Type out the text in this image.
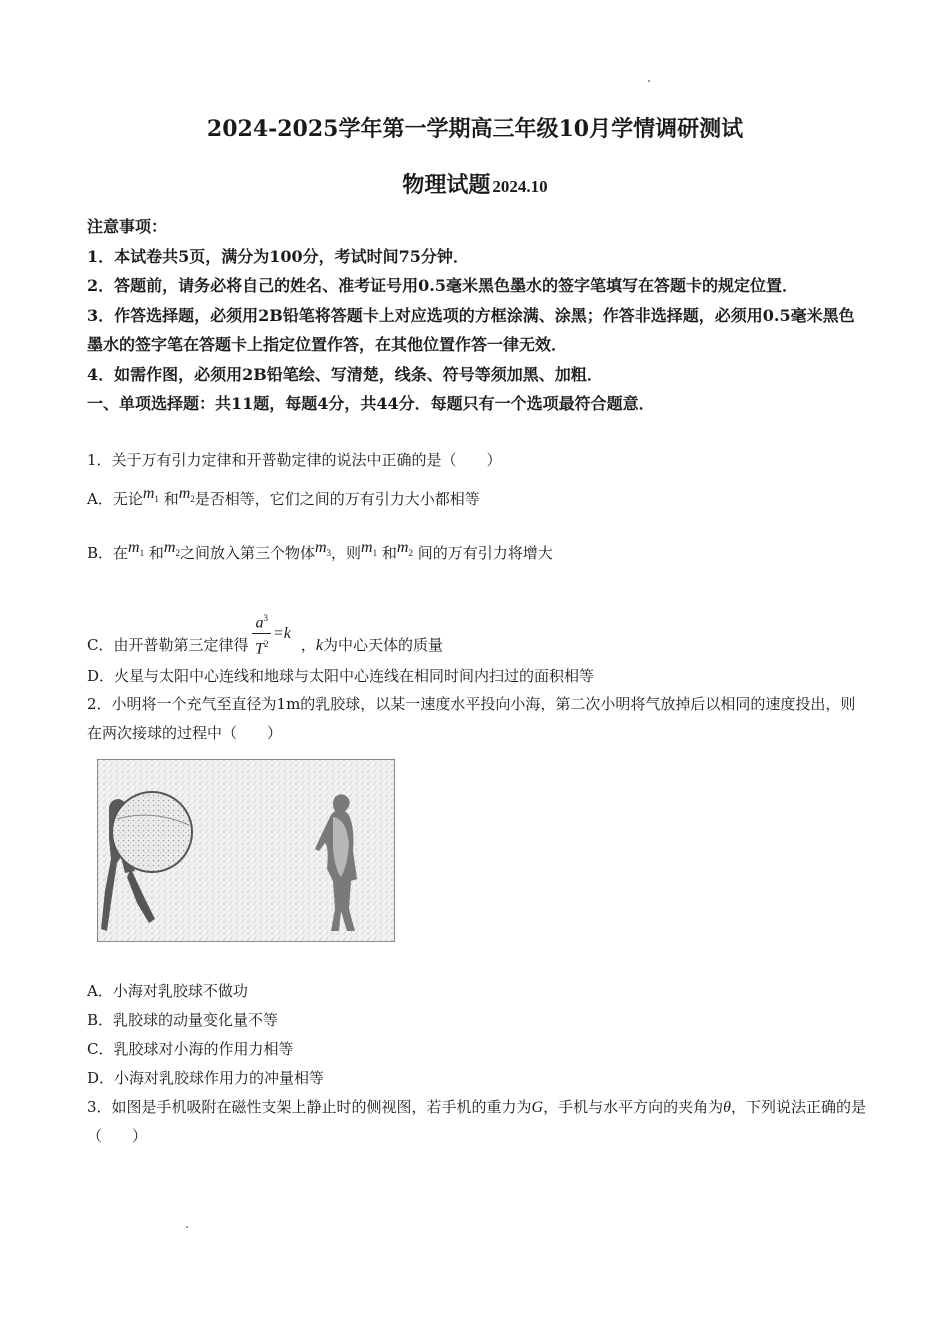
2024-2025学年第一学期高三年级10月学情调研测试
物理试题 2024.10

注意事项：

1．本试卷共5页，满分为100分，考试时间75分钟．

2．答题前，请务必将自己的姓名、准考证号用0.5毫米黑色墨水的签字笔填写在答题卡的规定位置．

3．作答选择题，必须用2B铅笔将答题卡上对应选项的方框涂满、涂黑；作答非选择题，必须用0.5毫米黑色墨水的签字笔在答题卡上指定位置作答，在其他位置作答一律无效．

4．如需作图，必须用2B铅笔绘、写清楚，线条、符号等须加黑、加粗．

一、单项选择题：共11题，每题4分，共44分．每题只有一个选项最符合题意．

1．关于万有引力定律和开普勒定律的说法中正确的是（　　）

A．无论$m_1$ 和$m_2$是否相等，它们之间的万有引力大小都相等
B．在$m_1$ 和$m_2$之间放入第三个物体$m_3$，则$m_1$ 和$m_2$ 间的万有引力将增大
C．由开普勒第三定律得 $\frac{a^3}{T^2} =k$，k为中心天体的质量
D．火星与太阳中心连线和地球与太阳中心连线在相同时间内扫过的面积相等

2．小明将一个充气至直径为1m的乳胶球，以某一速度水平投向小海，第二次小明将气放掉后以相同的速度投出，则在两次接球的过程中（　　）

A．小海对乳胶球不做功
B．乳胶球的动量变化量不等
C．乳胶球对小海的作用力相等
D．小海对乳胶球作用力的冲量相等

3．如图是手机吸附在磁性支架上静止时的侧视图，若手机的重力为G，手机与水平方向的夹角为θ，下列说法正确的是（　　）
